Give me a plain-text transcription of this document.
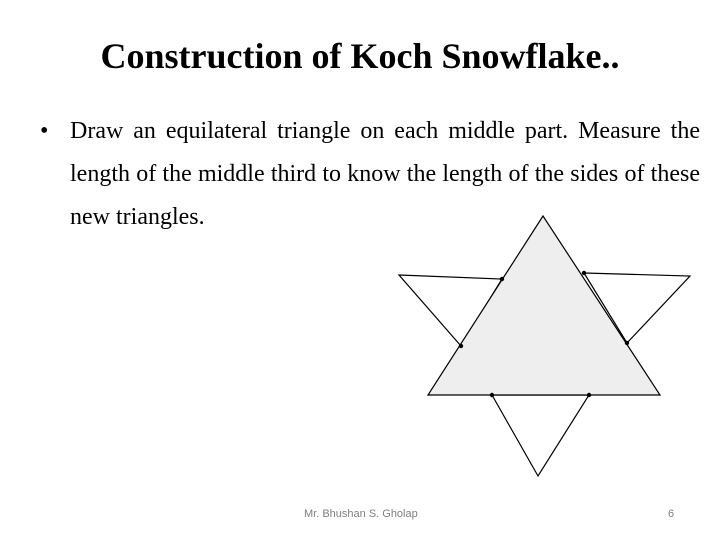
Construction of Koch Snowflake..
• Draw an equilateral triangle on each middle part. Measure the length of the middle third to know the length of the sides of these new triangles.
Mr. Bhushan S. Gholap	6
